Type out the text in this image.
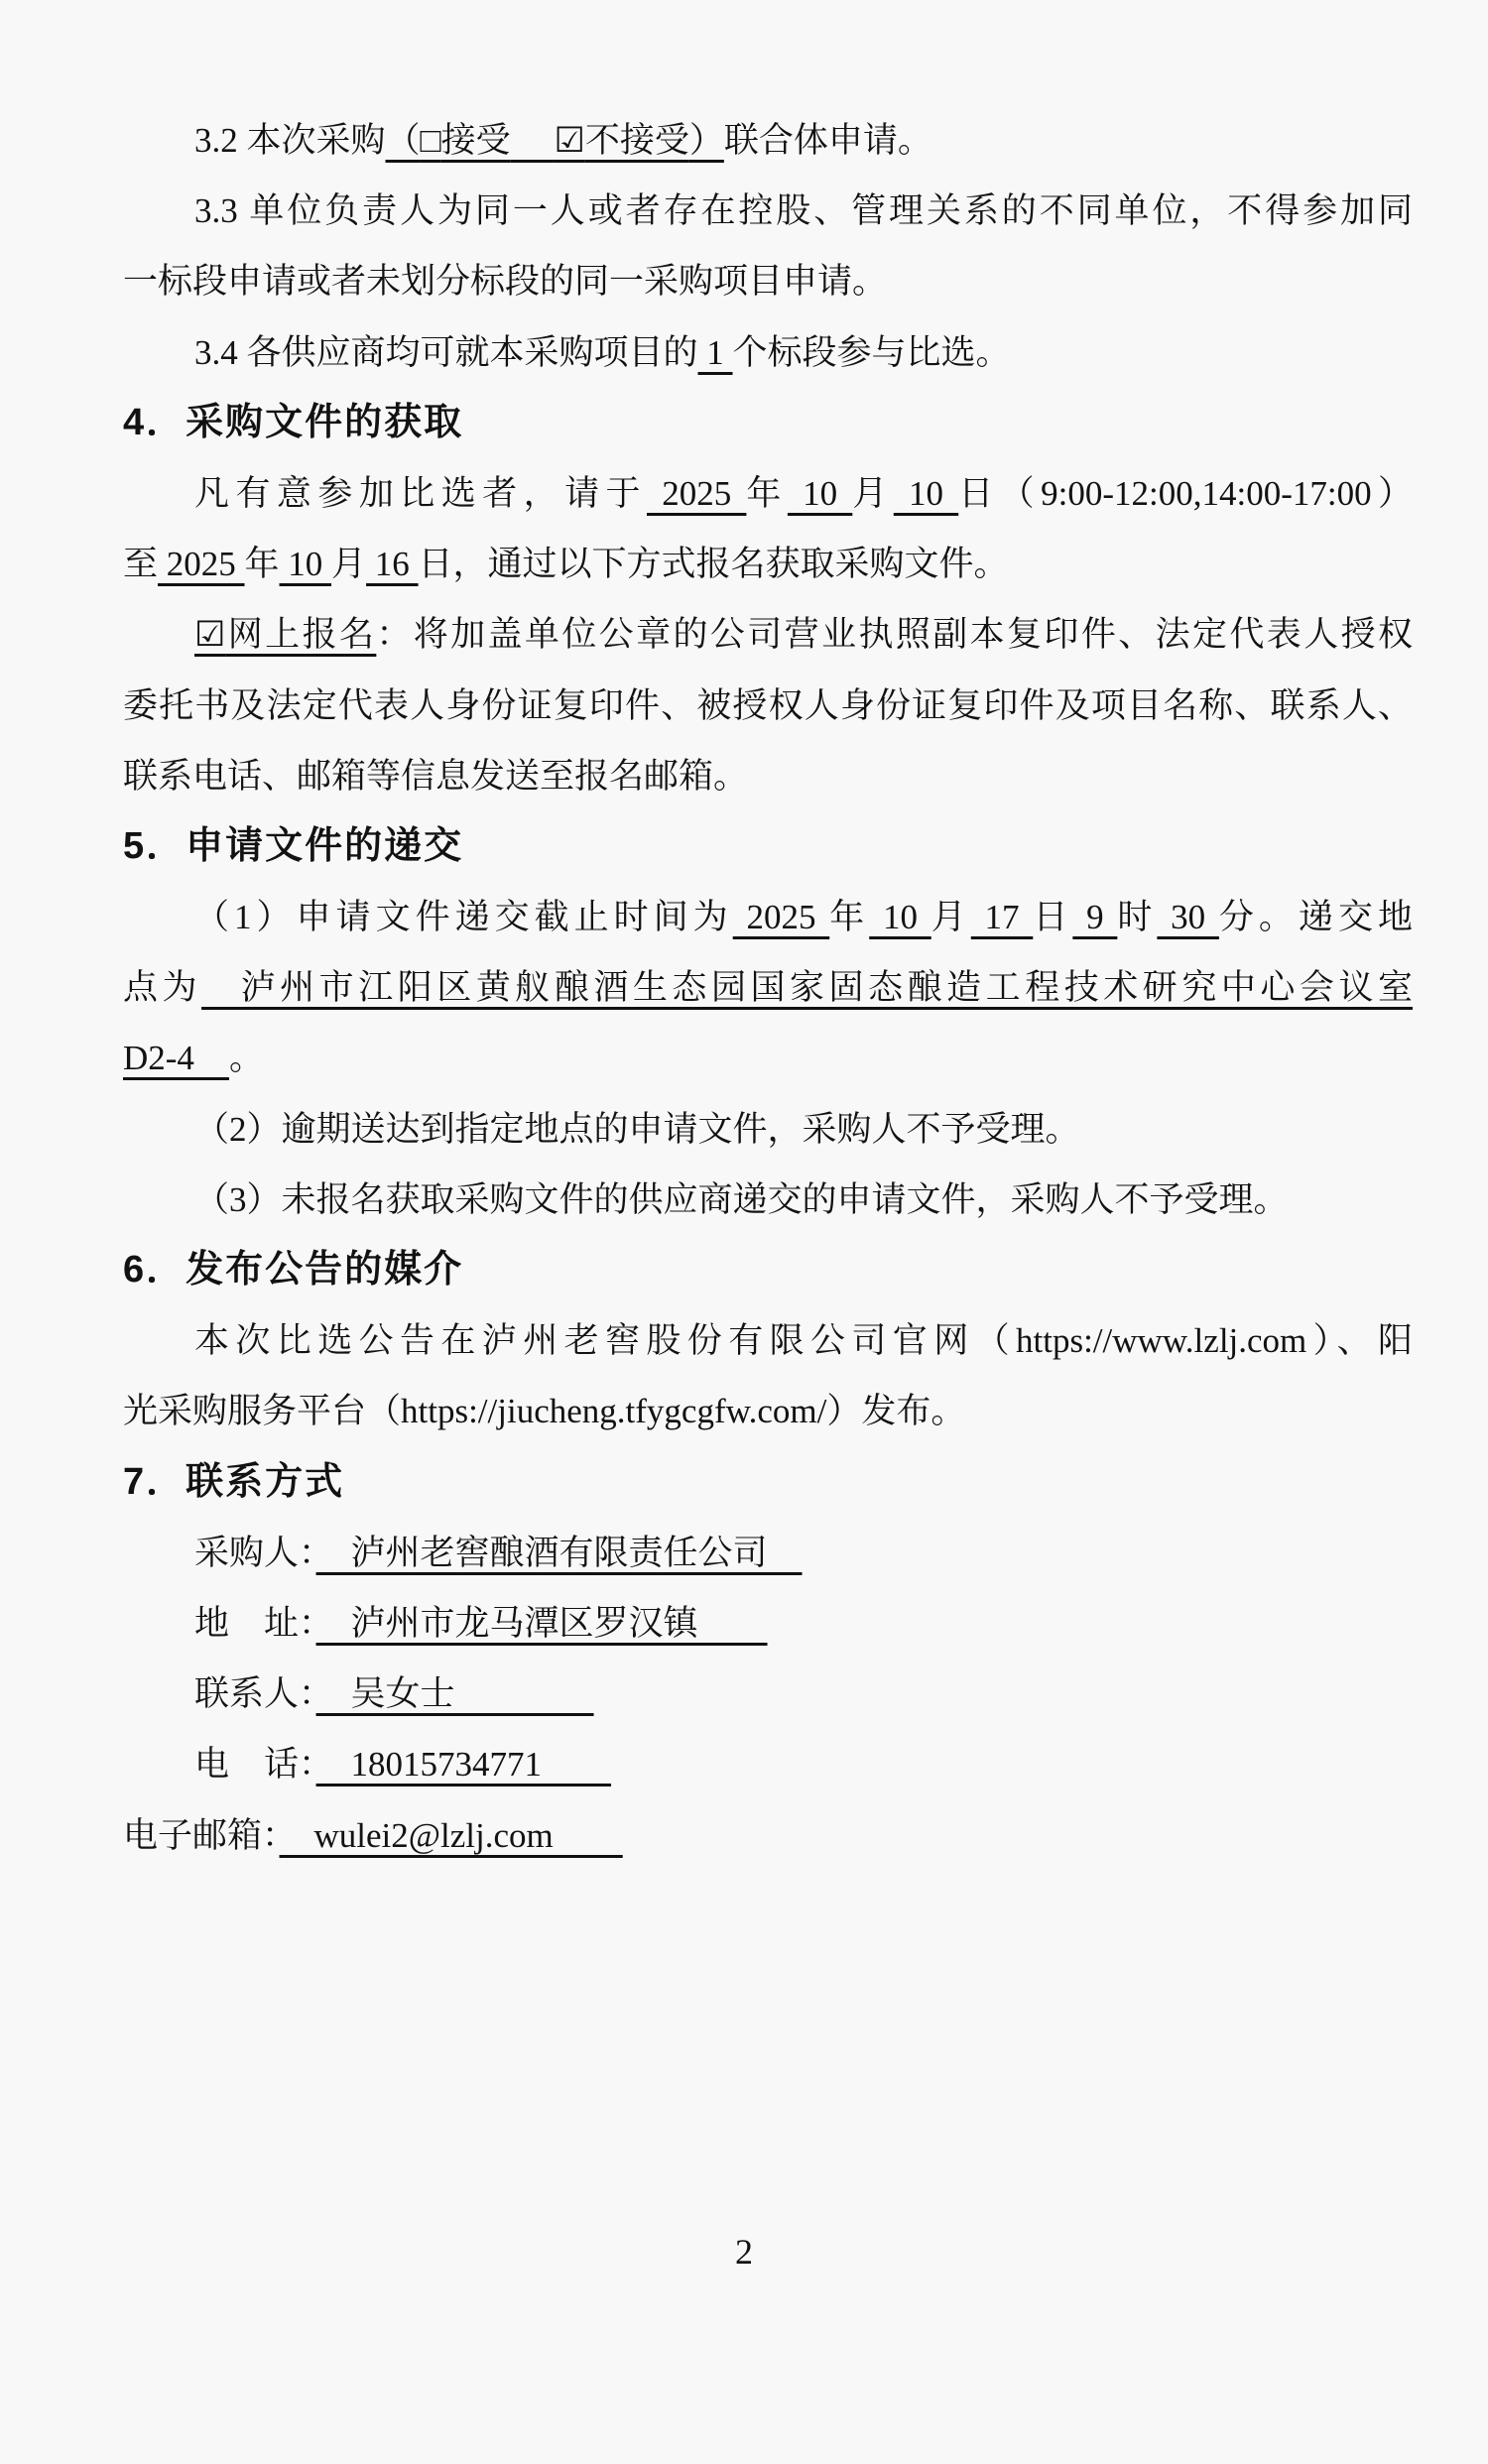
3.2 本次采购（□接受　 ☑不接受）联合体申请。
3.3 单位负责人为同一人或者存在控股、管理关系的不同单位，不得参加同
一标段申请或者未划分标段的同一采购项目申请。
3.4 各供应商均可就本采购项目的 1 个标段参与比选。
4．采购文件的获取
凡有意参加比选者，请于 2025 年 10 月 10 日（9:00-12:00,14:00-17:00）
至 2025 年 10 月 16 日，通过以下方式报名获取采购文件。
☑网上报名：将加盖单位公章的公司营业执照副本复印件、法定代表人授权
委托书及法定代表人身份证复印件、被授权人身份证复印件及项目名称、联系人、
联系电话、邮箱等信息发送至报名邮箱。
5．申请文件的递交
（1）申请文件递交截止时间为 2025 年 10 月 17 日 9 时 30 分。递交地
点为　泸州市江阳区黄舣酿酒生态园国家固态酿造工程技术研究中心会议室
D2-4　。
（2）逾期送达到指定地点的申请文件，采购人不予受理。
（3）未报名获取采购文件的供应商递交的申请文件，采购人不予受理。
6．发布公告的媒介
本次比选公告在泸州老窖股份有限公司官网（https://www.lzlj.com）、阳
光采购服务平台（https://jiucheng.tfygcgfw.com/）发布。
7．联系方式
采购人：　泸州老窖酿酒有限责任公司　
地　址：　泸州市龙马潭区罗汉镇　　
联系人：　吴女士　　　　
电　话：　18015734771　　
电子邮箱：　wulei2@lzlj.com　　
2
